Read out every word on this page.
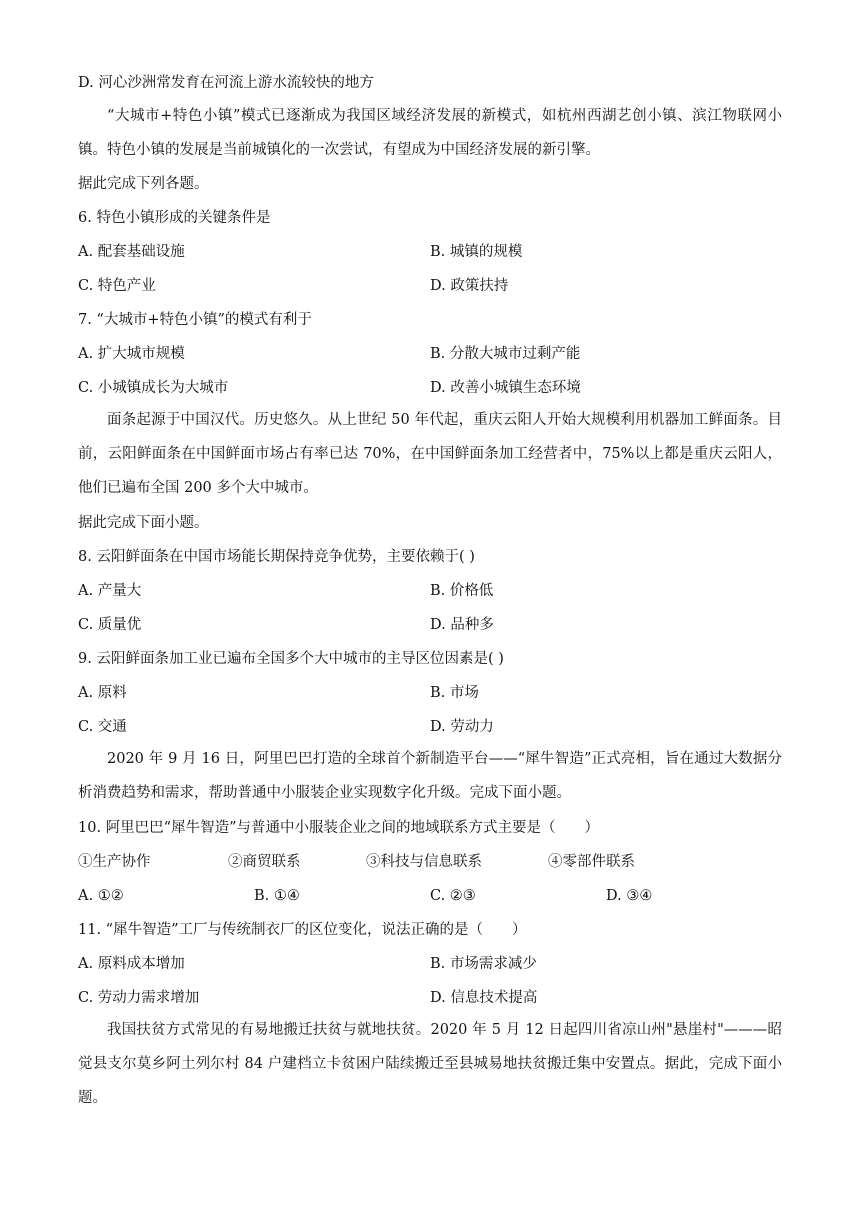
D. 河心沙洲常发育在河流上游水流较快的地方
“大城市+特色小镇”模式已逐渐成为我国区域经济发展的新模式，如杭州西湖艺创小镇、滨江物联网小镇。特色小镇的发展是当前城镇化的一次尝试，有望成为中国经济发展的新引擎。
据此完成下列各题。
6. 特色小镇形成的关键条件是
A. 配套基础设施	B. 城镇的规模
C. 特色产业	D. 政策扶持
7. “大城市+特色小镇”的模式有利于
A. 扩大城市规模	B. 分散大城市过剩产能
C. 小城镇成长为大城市	D. 改善小城镇生态环境
面条起源于中国汉代。历史悠久。从上世纪 50 年代起，重庆云阳人开始大规模利用机器加工鲜面条。目前，云阳鲜面条在中国鲜面市场占有率已达 70%，在中国鲜面条加工经营者中，75%以上都是重庆云阳人，他们已遍布全国 200 多个大中城市。
据此完成下面小题。
8. 云阳鲜面条在中国市场能长期保持竞争优势，主要依赖于( )
A. 产量大	B. 价格低
C. 质量优	D. 品种多
9. 云阳鲜面条加工业已遍布全国多个大中城市的主导区位因素是( )
A. 原料	B. 市场
C. 交通	D. 劳动力
2020 年 9 月 16 日，阿里巴巴打造的全球首个新制造平台——“犀牛智造”正式亮相，旨在通过大数据分析消费趋势和需求，帮助普通中小服装企业实现数字化升级。完成下面小题。
10. 阿里巴巴“犀牛智造”与普通中小服装企业之间的地域联系方式主要是（　　）
①生产协作	②商贸联系	③科技与信息联系	④零部件联系
A. ①②	B. ①④	C. ②③	D. ③④
11. “犀牛智造”工厂与传统制衣厂的区位变化，说法正确的是（　　）
A. 原料成本增加	B. 市场需求减少
C. 劳动力需求增加	D. 信息技术提高
我国扶贫方式常见的有易地搬迁扶贫与就地扶贫。2020 年 5 月 12 日起四川省凉山州"悬崖村"———昭觉县支尔莫乡阿土列尔村 84 户建档立卡贫困户陆续搬迁至县城易地扶贫搬迁集中安置点。据此，完成下面小题。
